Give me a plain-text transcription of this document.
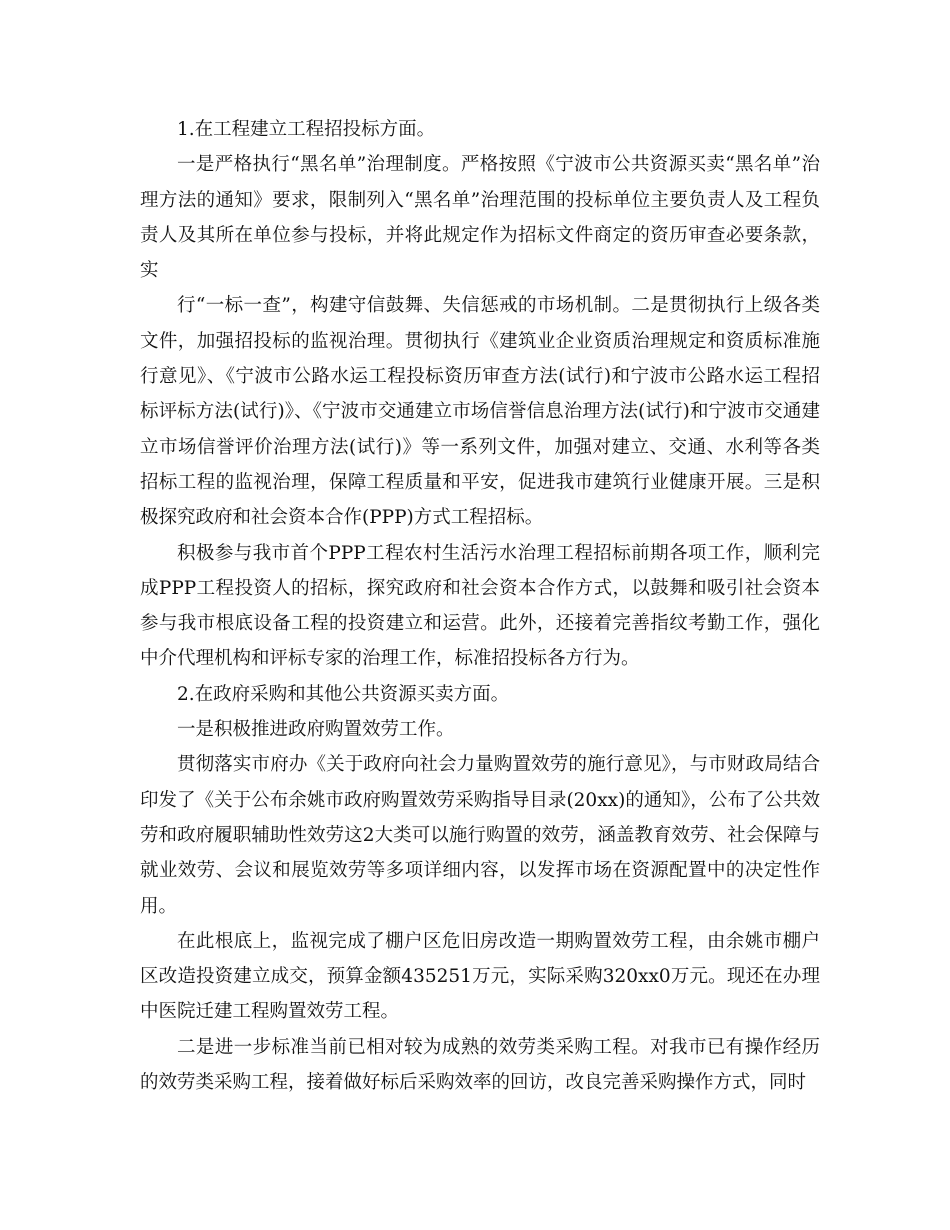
1.在工程建立工程招投标方面。

一是严格执行“黑名单”治理制度。严格按照《宁波市公共资源买卖“黑名单”治理方法的通知》要求，限制列入“黑名单”治理范围的投标单位主要负责人及工程负责人及其所在单位参与投标，并将此规定作为招标文件商定的资历审查必要条款，实

行“一标一查”，构建守信鼓舞、失信惩戒的市场机制。二是贯彻执行上级各类文件，加强招投标的监视治理。贯彻执行《建筑业企业资质治理规定和资质标准施行意见》、《宁波市公路水运工程投标资历审查方法(试行)和宁波市公路水运工程招标评标方法(试行)》、《宁波市交通建立市场信誉信息治理方法(试行)和宁波市交通建立市场信誉评价治理方法(试行)》等一系列文件，加强对建立、交通、水利等各类招标工程的监视治理，保障工程质量和平安，促进我市建筑行业健康开展。三是积极探究政府和社会资本合作(PPP)方式工程招标。

积极参与我市首个PPP工程农村生活污水治理工程招标前期各项工作，顺利完成PPP工程投资人的招标，探究政府和社会资本合作方式，以鼓舞和吸引社会资本参与我市根底设备工程的投资建立和运营。此外，还接着完善指纹考勤工作，强化中介代理机构和评标专家的治理工作，标准招投标各方行为。

2.在政府采购和其他公共资源买卖方面。

一是积极推进政府购置效劳工作。

贯彻落实市府办《关于政府向社会力量购置效劳的施行意见》，与市财政局结合印发了《关于公布余姚市政府购置效劳采购指导目录(20xx)的通知》，公布了公共效劳和政府履职辅助性效劳这2大类可以施行购置的效劳，涵盖教育效劳、社会保障与就业效劳、会议和展览效劳等多项详细内容，以发挥市场在资源配置中的决定性作用。

在此根底上，监视完成了棚户区危旧房改造一期购置效劳工程，由余姚市棚户区改造投资建立成交，预算金额435251万元，实际采购320xx0万元。现还在办理中医院迁建工程购置效劳工程。

二是进一步标准当前已相对较为成熟的效劳类采购工程。对我市已有操作经历的效劳类采购工程，接着做好标后采购效率的回访，改良完善采购操作方式，同时
